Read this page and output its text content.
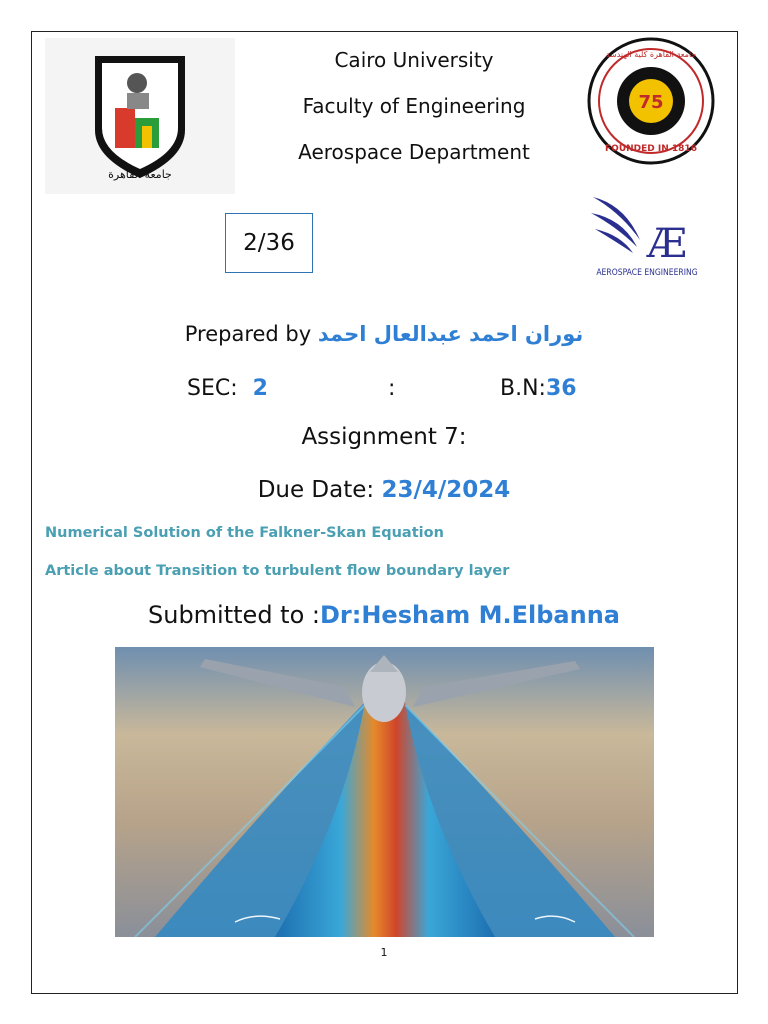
جامعة القاهرة
Cairo University
Faculty of Engineering
Aerospace Department
75
جامعة القاهرة كلية الهندسة
FOUNDED IN 1816
2/36	Æ
AEROSPACE ENGINEERING
Prepared by نوران احمد عبدالعال احمد
SEC: 2	:	B.N:36
Assignment 7:
Due Date: 23/4/2024
Numerical Solution of the Falkner-Skan Equation
Article about Transition to turbulent flow boundary layer
Submitted to :Dr:Hesham M.Elbanna
1
